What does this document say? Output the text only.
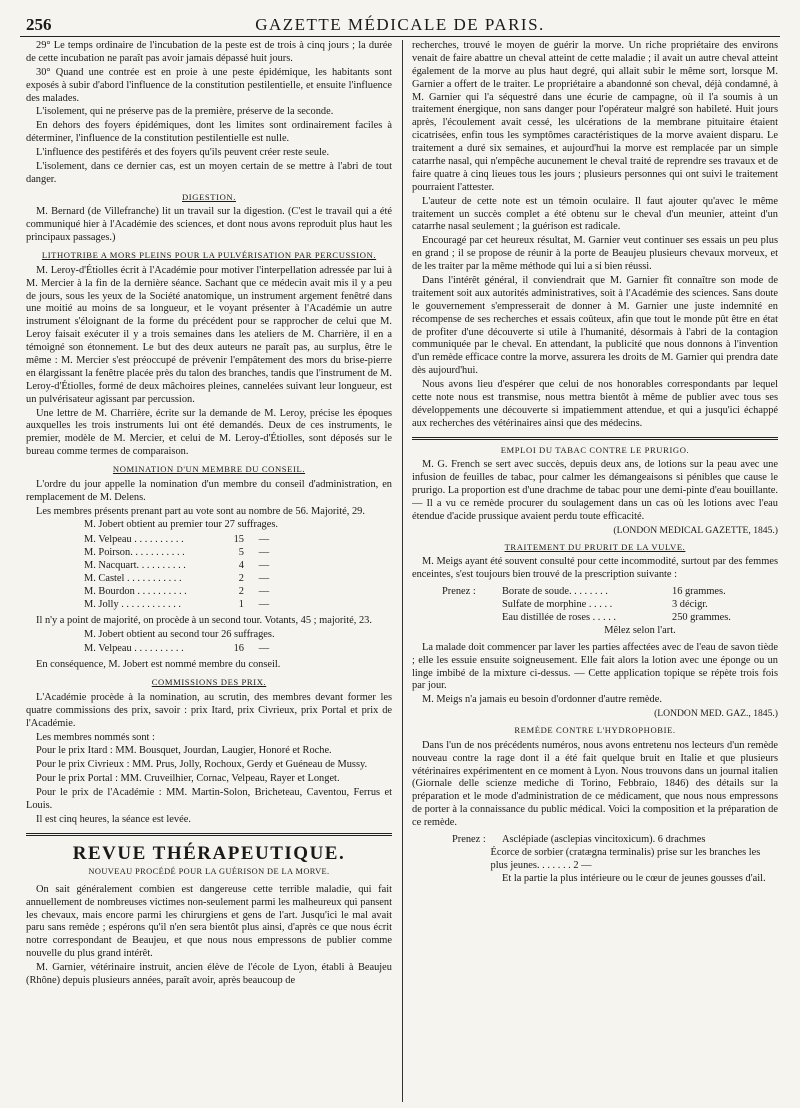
256	GAZETTE MÉDICALE DE PARIS.

29° Le temps ordinaire de l'incubation de la peste est de trois à cinq jours ; la durée de cette incubation ne paraît pas avoir jamais dépassé huit jours.

30° Quand une contrée est en proie à une peste épidémique, les habitants sont exposés à subir d'abord l'influence de la constitution pestilentielle, et ensuite l'influence des malades.

L'isolement, qui ne préserve pas de la première, préserve de la seconde.

En dehors des foyers épidémiques, dont les limites sont ordinairement faciles à déterminer, l'influence de la constitution pestilentielle est nulle.

L'influence des pestiférés et des foyers qu'ils peuvent créer reste seule.

L'isolement, dans ce dernier cas, est un moyen certain de se mettre à l'abri de tout danger.

DIGESTION.

M. Bernard (de Villefranche) lit un travail sur la digestion. (C'est le travail qui a été communiqué hier à l'Académie des sciences, et dont nous avons reproduit plus haut les principaux passages.)

LITHOTRIBE A MORS PLEINS POUR LA PULVÉRISATION PAR PERCUSSION.

M. Leroy-d'Étiolles écrit à l'Académie pour motiver l'interpellation adressée par lui à M. Mercier à la fin de la dernière séance. Sachant que ce médecin avait mis il y a peu de jours, sous les yeux de la Société anatomique, un instrument argement fenêtré dans une moitié au moins de sa longueur, et le voyant présenter à l'Académie un autre instrument s'éloignant de la forme du précédent pour se rapprocher de celui que M. Leroy faisait exécuter il y a trois semaines dans les ateliers de M. Charrière, il en a témoigné son étonnement. Le but des deux auteurs ne paraît pas, au surplus, être le même : M. Mercier s'est préoccupé de prévenir l'empâtement des mors du brise-pierre en élargissant la fenêtre placée près du talon des branches, tandis que l'instrument de M. Leroy-d'Étiolles, formé de deux mâchoires pleines, cannelées suivant leur longueur, est un pulvérisateur agissant par percussion.

Une lettre de M. Charrière, écrite sur la demande de M. Leroy, précise les époques auxquelles les trois instruments lui ont été demandés. Deux de ces instruments, le premier, modèle de M. Mercier, et celui de M. Leroy-d'Étiolles, sont déposés sur le bureau comme termes de comparaison.

NOMINATION D'UN MEMBRE DU CONSEIL.

L'ordre du jour appelle la nomination d'un membre du conseil d'administration, en remplacement de M. Delens.

Les membres présents prenant part au vote sont au nombre de 56. Majorité, 29.

M. Jobert obtient au premier tour 27 suffrages.
M. Velpeau . . . . . . . . . .	15	—
M. Poirson. . . . . . . . . . .	5	—
M. Nacquart. . . . . . . . . .	4	—
M. Castel . . . . . . . . . . .	2	—
M. Bourdon . . . . . . . . . .	2	—
M. Jolly . . . . . . . . . . . .	1	—

Il n'y a point de majorité, on procède à un second tour. Votants, 45 ; majorité, 23.

M. Jobert obtient au second tour 26 suffrages.
M. Velpeau . . . . . . . . . .	16	—

En conséquence, M. Jobert est nommé membre du conseil.

COMMISSIONS DES PRIX.

L'Académie procède à la nomination, au scrutin, des membres devant former les quatre commissions des prix, savoir : prix Itard, prix Civrieux, prix Portal et prix de l'Académie.

Les membres nommés sont :

Pour le prix Itard : MM. Bousquet, Jourdan, Laugier, Honoré et Roche.

Pour le prix Civrieux : MM. Prus, Jolly, Rochoux, Gerdy et Guéneau de Mussy.

Pour le prix Portal : MM. Cruveilhier, Cornac, Velpeau, Rayer et Longet.

Pour le prix de l'Académie : MM. Martin-Solon, Bricheteau, Caventou, Ferrus et Louis.

Il est cinq heures, la séance est levée.

REVUE THÉRAPEUTIQUE.
NOUVEAU PROCÉDÉ POUR LA GUÉRISON DE LA MORVE.

On sait généralement combien est dangereuse cette terrible maladie, qui fait annuellement de nombreuses victimes non-seulement parmi les malheureux qui pansent les chevaux, mais encore parmi les chirurgiens et gens de l'art. Jusqu'ici le mal avait paru sans remède ; espérons qu'il n'en sera bientôt plus ainsi, d'après ce que nous écrit notre correspondant de Beaujeu, et que nous nous empressons de publier comme nouvelle du plus grand intérêt.

M. Garnier, vétérinaire instruit, ancien élève de l'école de Lyon, établi à Beaujeu (Rhône) depuis plusieurs années, paraît avoir, après beaucoup de

recherches, trouvé le moyen de guérir la morve. Un riche propriétaire des environs venait de faire abattre un cheval atteint de cette maladie ; il avait un autre cheval atteint également de la morve au plus haut degré, qui allait subir le même sort, lorsque M. Garnier a offert de le traiter. Le propriétaire a abandonné son cheval, déjà condamné, à M. Garnier qui l'a séquestré dans une écurie de campagne, où il l'a soumis à un traitement énergique, non sans danger pour l'opérateur malgré son habileté. Huit jours après, l'écoulement avait cessé, les ulcérations de la membrane pituitaire étaient cicatrisées, enfin tous les symptômes caractéristiques de la morve avaient disparu. Le traitement a duré six semaines, et aujourd'hui la morve est remplacée par un simple catarrhe nasal, qui n'empêche aucunement le cheval traité de reprendre ses travaux et de faire quatre à cinq lieues tous les jours ; plusieurs personnes qui ont suivi le traitement pourraient l'attester.

L'auteur de cette note est un témoin oculaire. Il faut ajouter qu'avec le même traitement un succès complet a été obtenu sur le cheval d'un meunier, atteint d'un catarrhe nasal seulement ; la guérison est radicale.

Encouragé par cet heureux résultat, M. Garnier veut continuer ses essais un peu plus en grand ; il se propose de réunir à la porte de Beaujeu plusieurs chevaux morveux, et de les traiter par la même méthode qui lui a si bien réussi.

Dans l'intérêt général, il conviendrait que M. Garnier fît connaître son mode de traitement soit aux autorités administratives, soit à l'Académie des sciences. Sans doute le gouvernement s'empresserait de donner à M. Garnier une juste indemnité en récompense de ses recherches et essais coûteux, afin que tout le monde pût être en état de profiter d'une découverte si utile à l'humanité, désormais à l'abri de la contagion communiquée par le cheval. En attendant, la publicité que nous donnons à l'invention d'un remède efficace contre la morve, assurera les droits de M. Garnier qui prendra date dès aujourd'hui.

Nous avons lieu d'espérer que celui de nos honorables correspondants par lequel cette note nous est transmise, nous mettra bientôt à même de publier avec tous ses développements une découverte si impatiemment attendue, et qui a jusqu'ici échappé aux recherches des vétérinaires ainsi que des médecins.

EMPLOI DU TABAC CONTRE LE PRURIGO.

M. G. French se sert avec succès, depuis deux ans, de lotions sur la peau avec une infusion de feuilles de tabac, pour calmer les démangeaisons si pénibles que cause le prurigo. La proportion est d'une drachme de tabac pour une demi-pinte d'eau bouillante. — Il a vu ce remède procurer du soulagement dans un cas où les lotions avec l'eau étendue d'acide prussique avaient perdu toute efficacité.

(LONDON MEDICAL GAZETTE, 1845.)
TRAITEMENT DU PRURIT DE LA VULVE.

M. Meigs ayant été souvent consulté pour cette incommodité, surtout par des femmes enceintes, s'est toujours bien trouvé de la prescription suivante :

Prenez :	Borate de soude. . . . . . . .	16 grammes.
Sulfate de morphine . . . . .	3 décigr.
Eau distillée de roses . . . . .	250 grammes.
Mêlez selon l'art.

La malade doit commencer par laver les parties affectées avec de l'eau de savon tiède ; elle les essuie ensuite soigneusement. Elle fait alors la lotion avec une éponge ou un linge imbibé de la mixture ci-dessus. — Cette application topique se répète trois fois par jour.

M. Meigs n'a jamais eu besoin d'ordonner d'autre remède.

(LONDON MED. GAZ., 1845.)
REMÈDE CONTRE L'HYDROPHOBIE.

Dans l'un de nos précédents numéros, nous avons entretenu nos lecteurs d'un remède nouveau contre la rage dont il a été fait quelque bruit en Italie et que plusieurs vétérinaires expérimentent en ce moment à Lyon. Nous trouvons dans un journal italien (Giornale delle scienze mediche di Torino, Febbraio, 1846) des détails sur la préparation et le mode d'administration de ce médicament, que nous nous empressons de porter à la connaissance du public médical. Voici la composition et la préparation de ce remède.

Prenez :	Asclépiade (asclepias vincitoxicum). 6 drachmes
Écorce de sorbier (cratægna terminalis) prise sur les branches les plus jeunes. . . . . . . 2 —
Et la partie la plus intérieure ou le cœur de jeunes gousses d'ail.
